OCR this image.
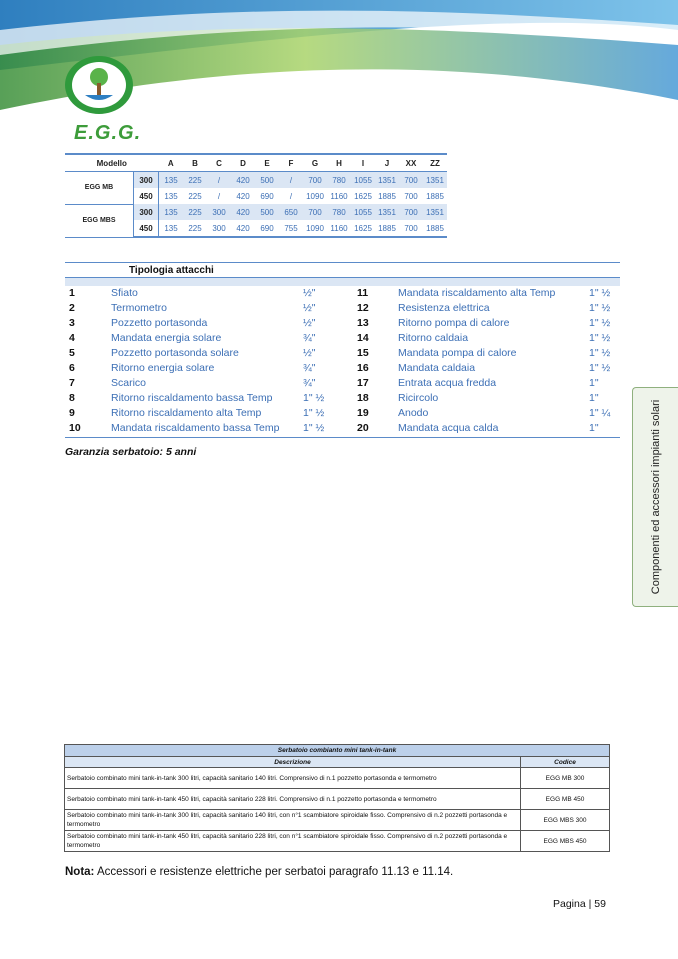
E.G.G.
Modello		A	B	C	D	E	F	G	H	I	J	XX	ZZ
EGG MB	300	135	225	/	420	500	/	700	780	1055	1351	700	1351
	450	135	225	/	420	690	/	1090	1160	1625	1885	700	1885
EGG MBS	300	135	225	300	420	500	650	700	780	1055	1351	700	1351
	450	135	225	300	420	690	755	1090	1160	1625	1885	700	1885
Tipologia attacchi
1	Sfiato	½"	11	Mandata riscaldamento alta Temp	1" ½
2	Termometro	½"	12	Resistenza elettrica	1" ½
3	Pozzetto portasonda	½"	13	Ritorno pompa di calore	1" ½
4	Mandata energia solare	¾"	14	Ritorno caldaia	1" ½
5	Pozzetto portasonda solare	½"	15	Mandata pompa di calore	1" ½
6	Ritorno energia solare	¾"	16	Mandata caldaia	1" ½
7	Scarico	¾"	17	Entrata acqua fredda	1"
8	Ritorno riscaldamento bassa Temp	1" ½	18	Ricircolo	1"
9	Ritorno riscaldamento alta Temp	1" ½	19	Anodo	1" ¼
10	Mandata riscaldamento bassa Temp 1" ½	20	Mandata acqua calda	1"
Garanzia serbatoio: 5 anni	Componenti ed accessori impianti solari
Serbatoio combianto mini tank-in-tank	
Descrizione	Codice
Serbatoio combinato mini tank-in-tank 300 litri, capacità sanitario 140 litri. Comprensivo di n.1 pozzetto portasonda e termometro	EGG MB 300
Serbatoio combinato mini tank-in-tank 450 litri, capacità sanitario 228 litri. Comprensivo di n.1 pozzetto portasonda e termometro	EGG MB 450
Serbatoio combinato mini tank-in-tank 300 litri, capacità sanitario 140 litri, con n°1 scambiatore spiroidale fisso. Comprensivo di n.2 pozzetti portasonda e termometro	EGG MBS 300
Serbatoio combinato mini tank-in-tank 450 litri, capacità sanitario 228 litri, con n°1 scambiatore spiroidale fisso. Comprensivo di n.2 pozzetti portasonda e termometro	EGG MBS 450
Nota: Accessori e resistenze elettriche per serbatoi paragrafo 11.13 e 11.14.
Pagina | 59
